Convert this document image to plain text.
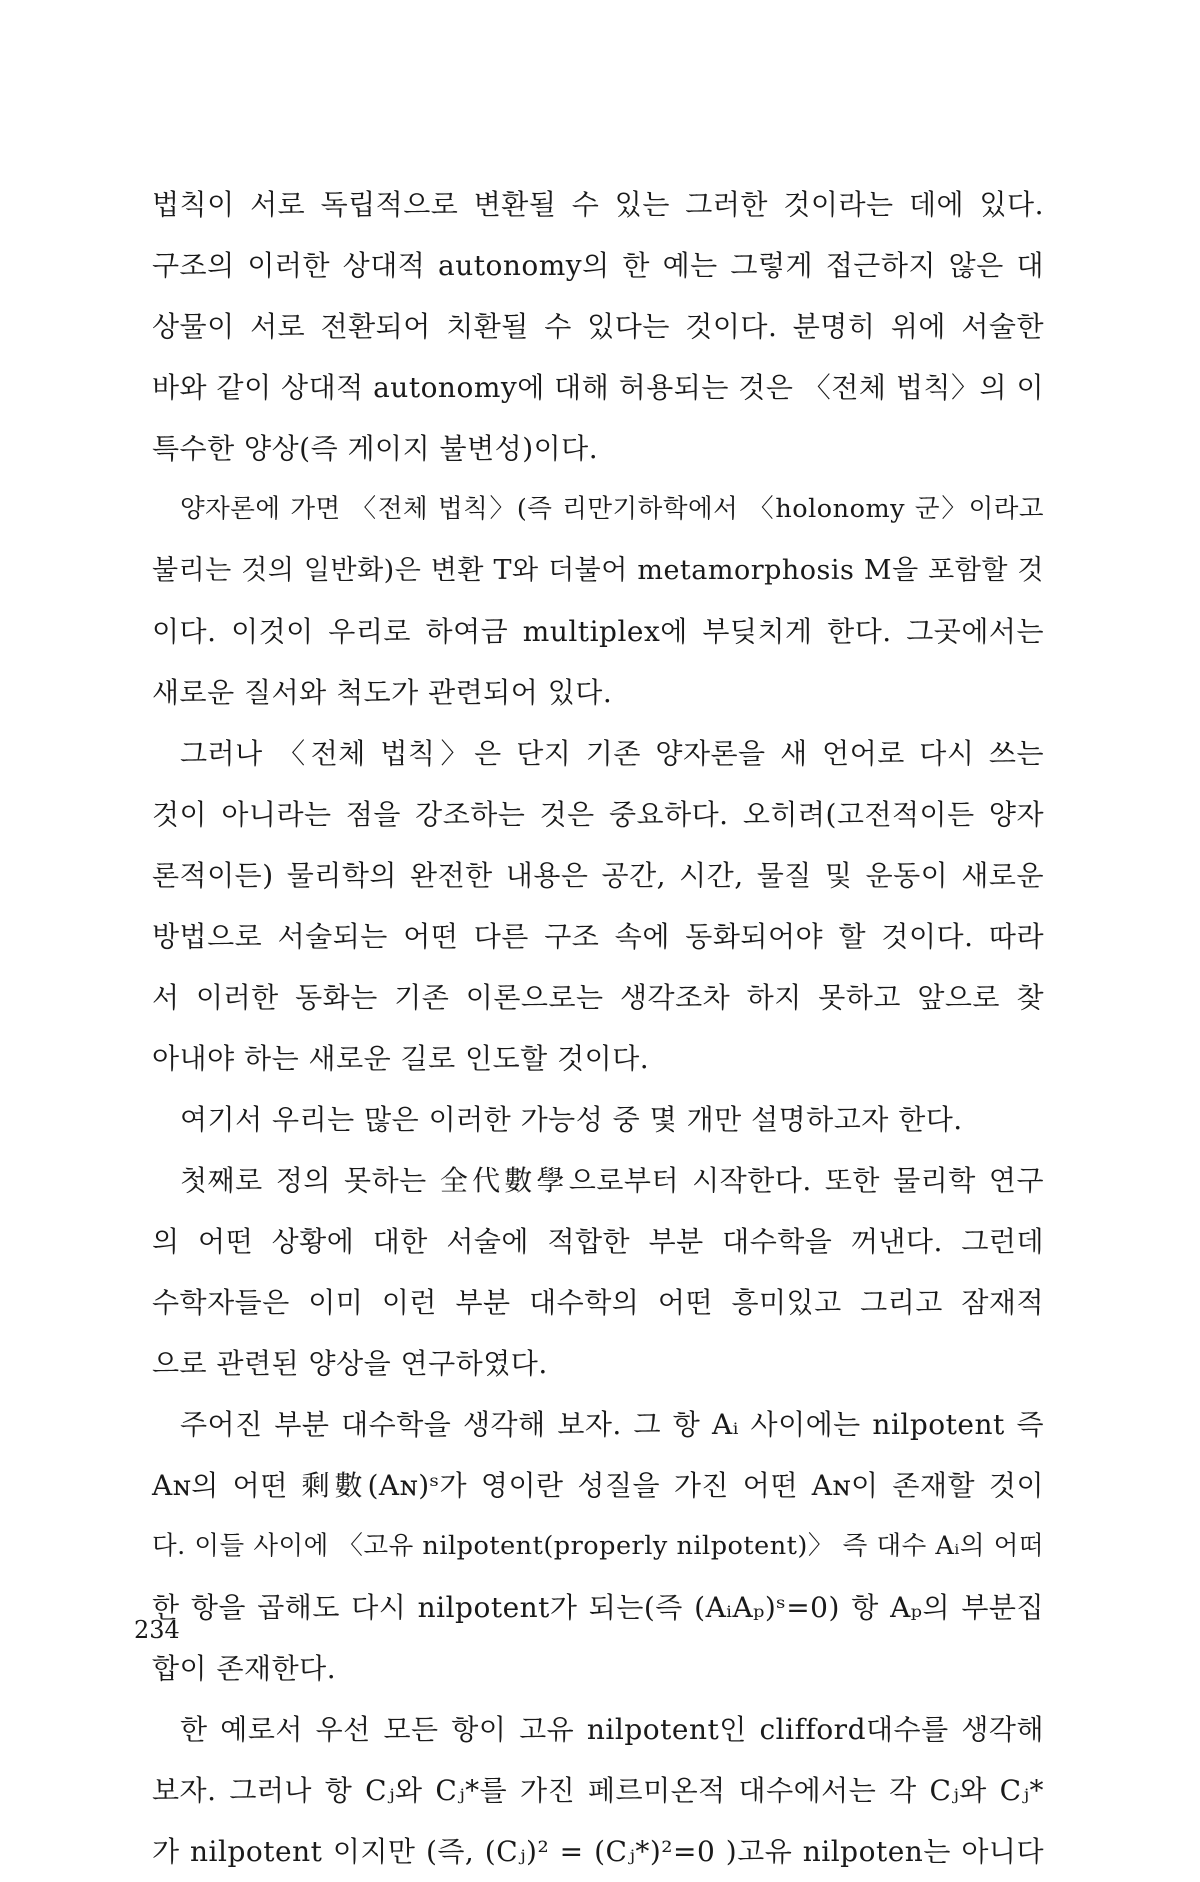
법칙이 서로 독립적으로 변환될 수 있는 그러한 것이라는 데에 있다.
구조의 이러한 상대적 autonomy의 한 예는 그렇게 접근하지 않은 대
상물이 서로 전환되어 치환될 수 있다는 것이다. 분명히 위에 서술한
바와 같이 상대적 autonomy에 대해 허용되는 것은 〈전체 법칙〉의 이
특수한 양상(즉 게이지 불변성)이다.
양자론에 가면 〈전체 법칙〉(즉 리만기하학에서 〈holonomy 군〉이라고
불리는 것의 일반화)은 변환 T와 더불어 metamorphosis M을 포함할 것
이다. 이것이 우리로 하여금 multiplex에 부딪치게 한다. 그곳에서는
새로운 질서와 척도가 관련되어 있다.
그러나 〈전체 법칙〉은 단지 기존 양자론을 새 언어로 다시 쓰는
것이 아니라는 점을 강조하는 것은 중요하다. 오히려(고전적이든 양자
론적이든) 물리학의 완전한 내용은 공간, 시간, 물질 및 운동이 새로운
방법으로 서술되는 어떤 다른 구조 속에 동화되어야 할 것이다. 따라
서 이러한 동화는 기존 이론으로는 생각조차 하지 못하고 앞으로 찾
아내야 하는 새로운 길로 인도할 것이다.
여기서 우리는 많은 이러한 가능성 중 몇 개만 설명하고자 한다.
첫째로 정의 못하는 全代數學으로부터 시작한다. 또한 물리학 연구
의 어떤 상황에 대한 서술에 적합한 부분 대수학을 꺼낸다. 그런데
수학자들은 이미 이런 부분 대수학의 어떤 흥미있고 그리고 잠재적
으로 관련된 양상을 연구하였다.
주어진 부분 대수학을 생각해 보자. 그 항 Aᵢ 사이에는 nilpotent 즉
Aɴ의 어떤 剩數(Aɴ)ˢ가 영이란 성질을 가진 어떤 Aɴ이 존재할 것이
다. 이들 사이에 〈고유 nilpotent(properly nilpotent)〉 즉 대수 Aᵢ의 어떠
한 항을 곱해도 다시 nilpotent가 되는(즉 (AᵢAₚ)ˢ=0) 항 Aₚ의 부분집
합이 존재한다.
한 예로서 우선 모든 항이 고유 nilpotent인 clifford대수를 생각해
보자. 그러나 항 Cⱼ와 Cⱼ*를 가진 페르미온적 대수에서는 각 Cⱼ와 Cⱼ*
가 nilpotent 이지만 (즉, (Cⱼ)² = (Cⱼ*)²=0 )고유 nilpoten는 아니다
234
